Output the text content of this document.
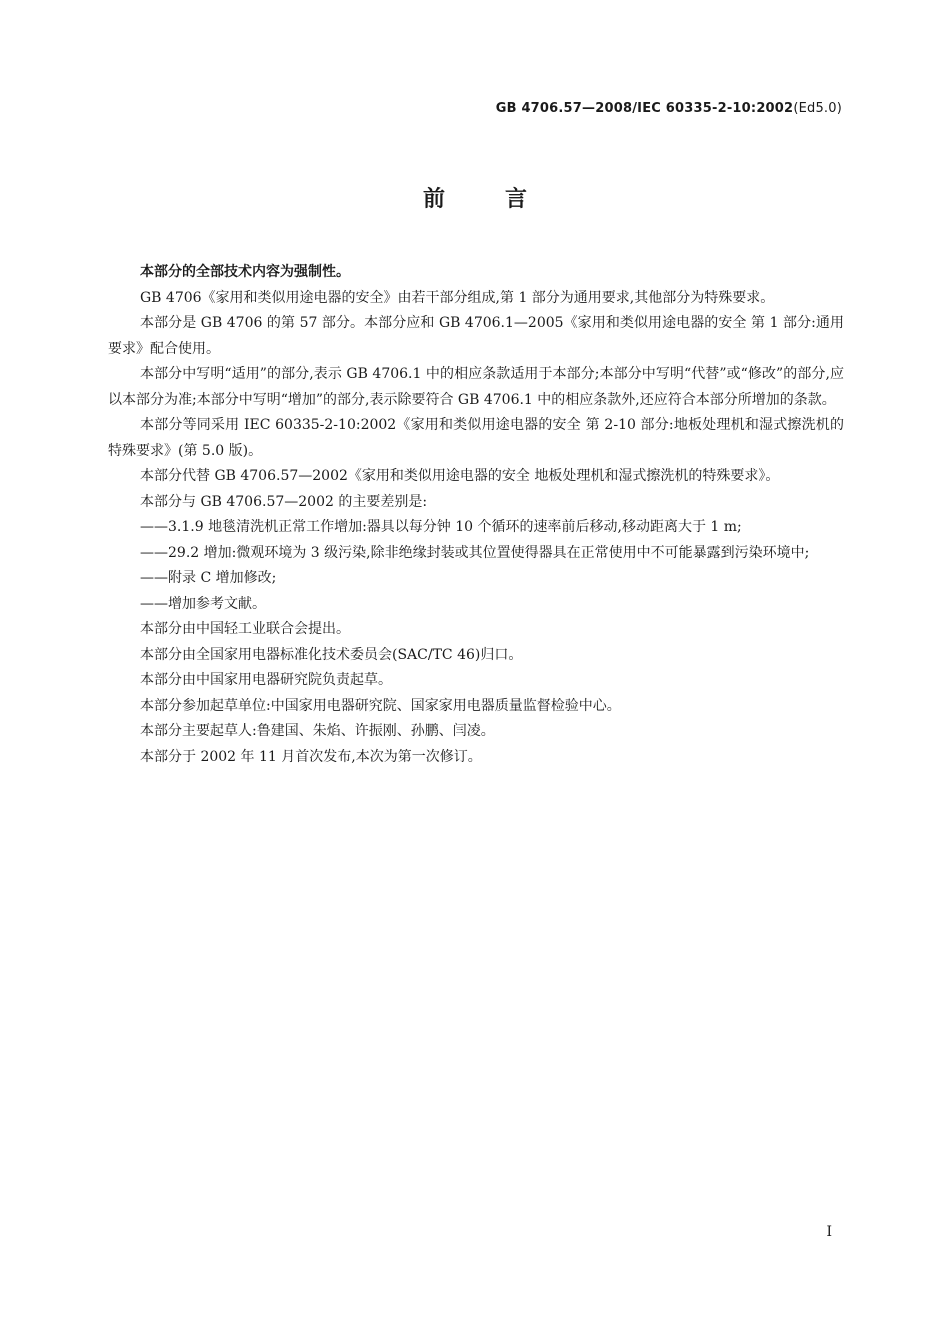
GB 4706.57—2008/IEC 60335-2-10:2002(Ed5.0)
前言

本部分的全部技术内容为强制性。

GB 4706《家用和类似用途电器的安全》由若干部分组成,第 1 部分为通用要求,其他部分为特殊要求。

本部分是 GB 4706 的第 57 部分。本部分应和 GB 4706.1—2005《家用和类似用途电器的安全 第 1 部分:通用要求》配合使用。

本部分中写明“适用”的部分,表示 GB 4706.1 中的相应条款适用于本部分;本部分中写明“代替”或“修改”的部分,应以本部分为准;本部分中写明“增加”的部分,表示除要符合 GB 4706.1 中的相应条款外,还应符合本部分所增加的条款。

本部分等同采用 IEC 60335-2-10:2002《家用和类似用途电器的安全 第 2-10 部分:地板处理机和湿式擦洗机的特殊要求》(第 5.0 版)。

本部分代替 GB 4706.57—2002《家用和类似用途电器的安全 地板处理机和湿式擦洗机的特殊要求》。

本部分与 GB 4706.57—2002 的主要差别是:

——3.1.9 地毯清洗机正常工作增加:器具以每分钟 10 个循环的速率前后移动,移动距离大于 1 m;

——29.2 增加:微观环境为 3 级污染,除非绝缘封装或其位置使得器具在正常使用中不可能暴露到污染环境中;

——附录 C 增加修改;

——增加参考文献。

本部分由中国轻工业联合会提出。

本部分由全国家用电器标准化技术委员会(SAC/TC 46)归口。

本部分由中国家用电器研究院负责起草。

本部分参加起草单位:中国家用电器研究院、国家家用电器质量监督检验中心。

本部分主要起草人:鲁建国、朱焰、许振刚、孙鹏、闫凌。

本部分于 2002 年 11 月首次发布,本次为第一次修订。

I
